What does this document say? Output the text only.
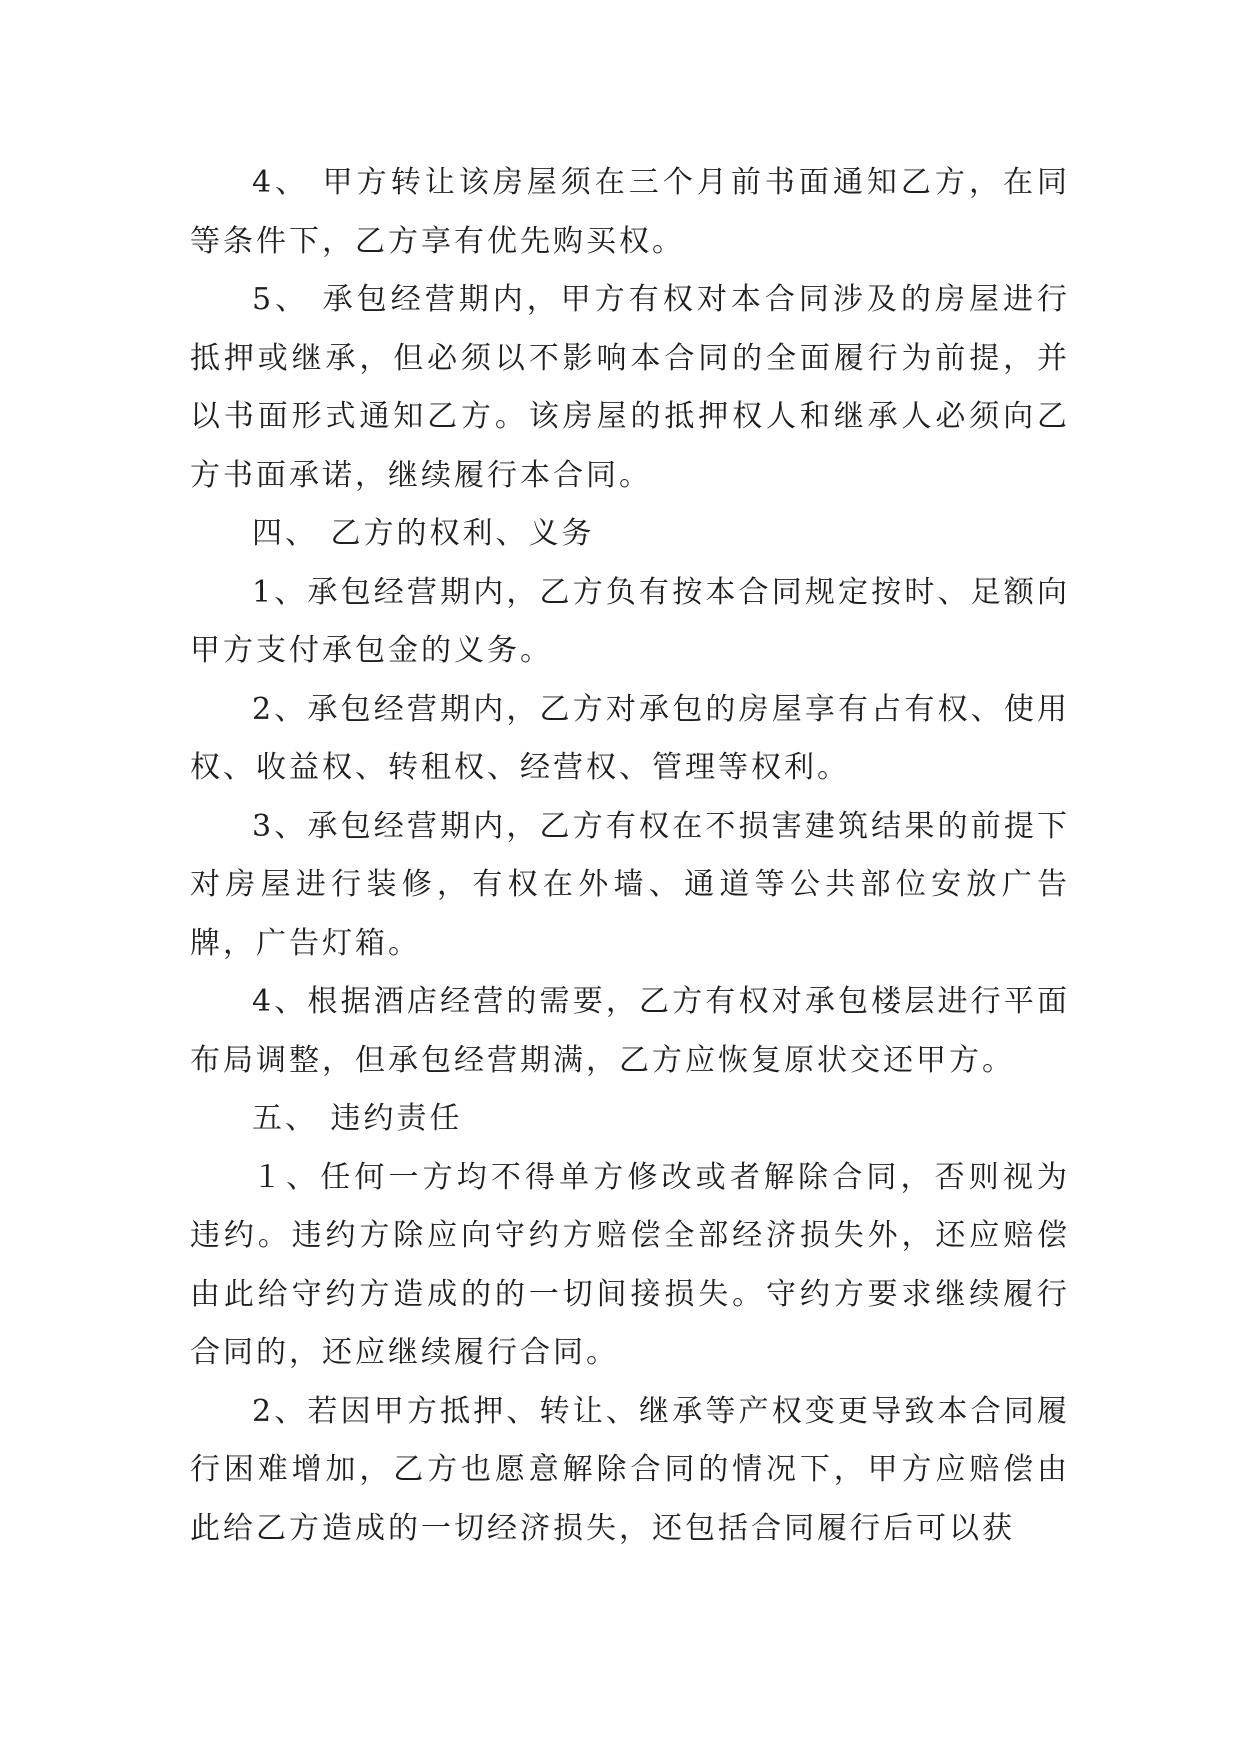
4、 甲方转让该房屋须在三个月前书面通知乙方，在同等条件下，乙方享有优先购买权。

5、 承包经营期内，甲方有权对本合同涉及的房屋进行抵押或继承，但必须以不影响本合同的全面履行为前提，并以书面形式通知乙方。该房屋的抵押权人和继承人必须向乙方书面承诺，继续履行本合同。

四、 乙方的权利、义务

1、承包经营期内，乙方负有按本合同规定按时、足额向甲方支付承包金的义务。

2、承包经营期内，乙方对承包的房屋享有占有权、使用权、收益权、转租权、经营权、管理等权利。

3、承包经营期内，乙方有权在不损害建筑结果的前提下对房屋进行装修，有权在外墙、通道等公共部位安放广告牌，广告灯箱。

4、根据酒店经营的需要，乙方有权对承包楼层进行平面布局调整，但承包经营期满，乙方应恢复原状交还甲方。

五、 违约责任

１、任何一方均不得单方修改或者解除合同，否则视为违约。违约方除应向守约方赔偿全部经济损失外，还应赔偿由此给守约方造成的的一切间接损失。守约方要求继续履行合同的，还应继续履行合同。

2、若因甲方抵押、转让、继承等产权变更导致本合同履行困难增加，乙方也愿意解除合同的情况下，甲方应赔偿由此给乙方造成的一切经济损失，还包括合同履行后可以获
